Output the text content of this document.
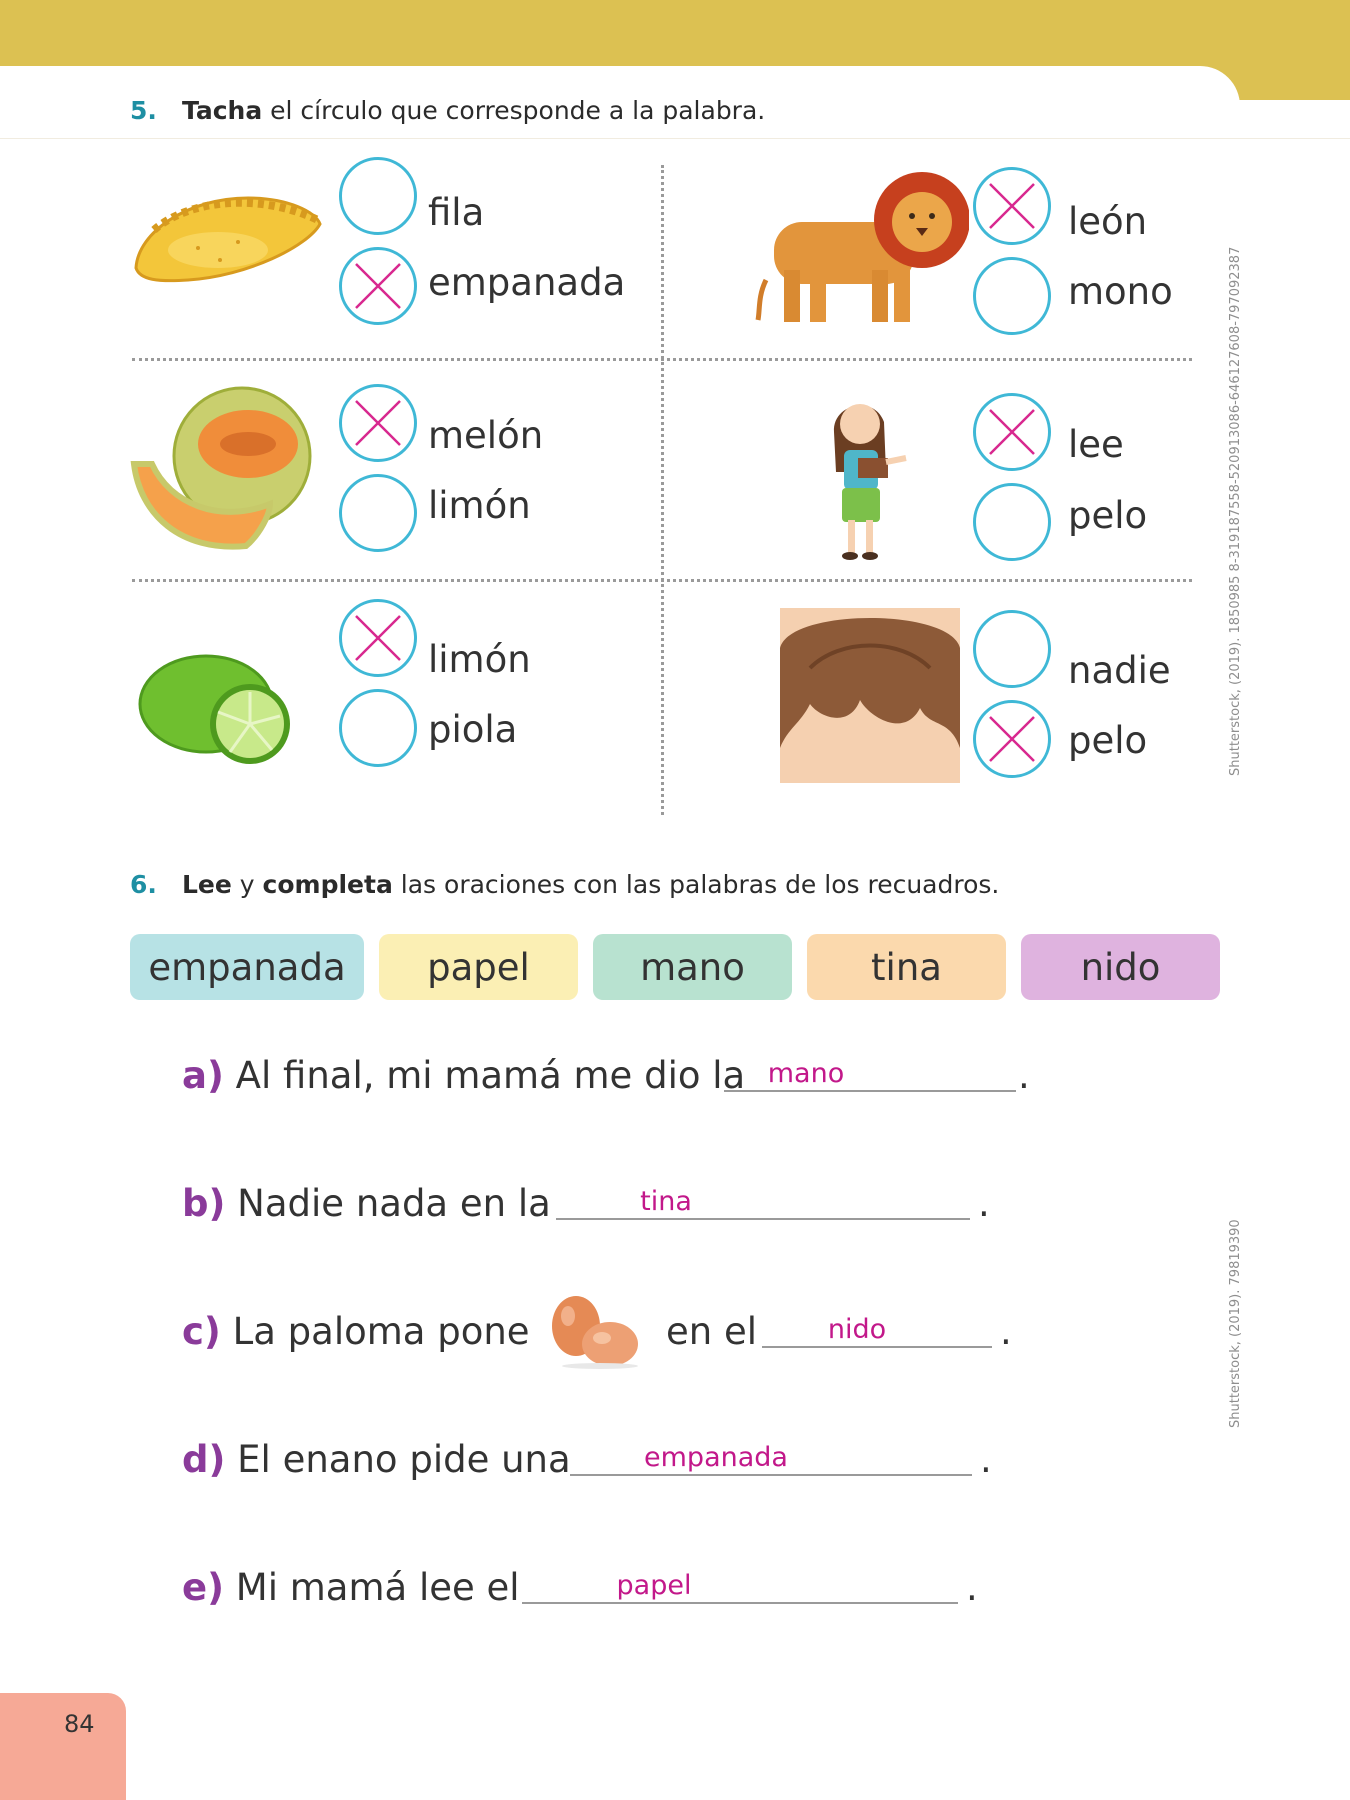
5. Tacha el círculo que corresponde a la palabra.
fila
empanada
león
mono
melón
limón
lee
pelo
limón
piola
nadie
pelo	Shutterstock, (2019). 1850985 8-319187558-520913086-646127608-797092387
6. Lee y completa las oraciones con las palabras de los recuadros.
empanada	papel	mano	tina	nido
a) Al final, mi mamá me dio la mano	.
b) Nadie nada en la	tina	.
c) La paloma pone	en el	nido	.
d) El enano pide una	empanada	.
e) Mi mamá lee el	papel	.
Shutterstock, (2019). 79819390
84
